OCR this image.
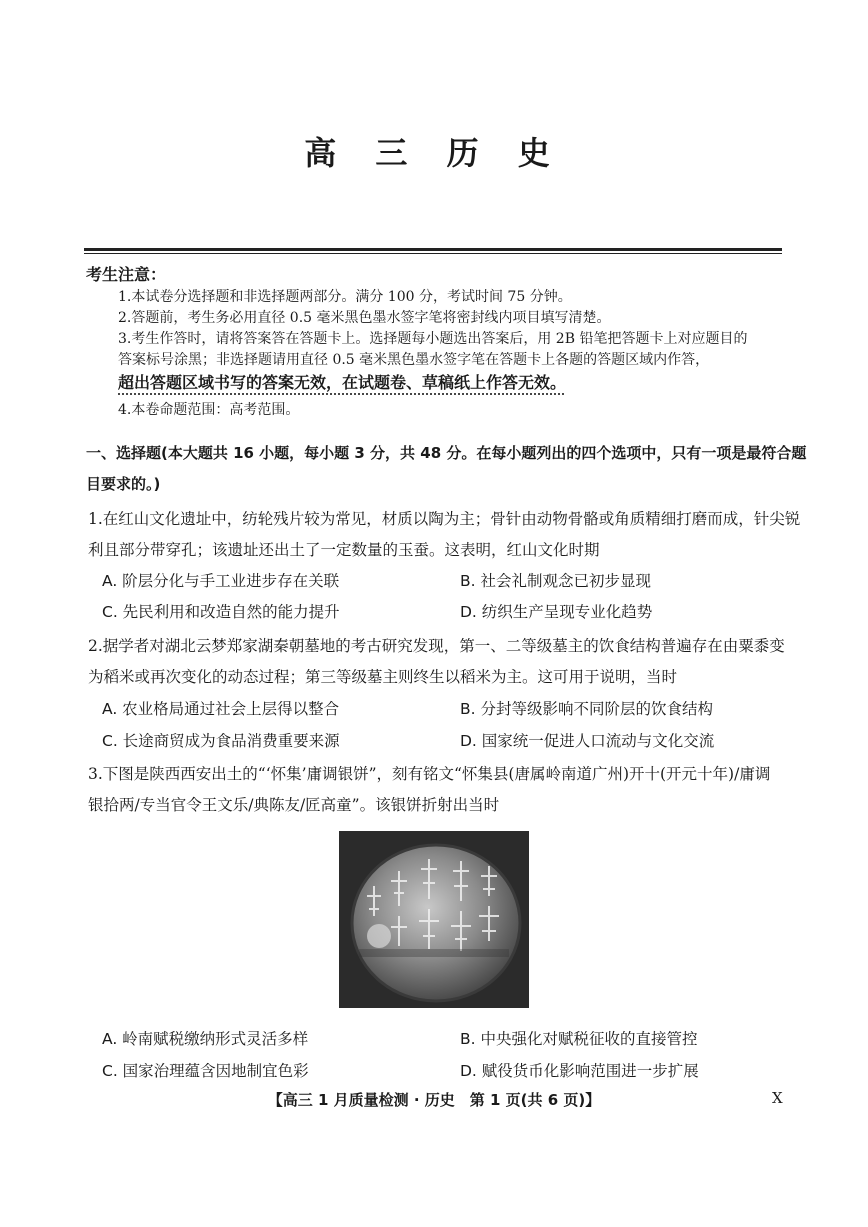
高 三 历 史
考生注意：
1.本试卷分选择题和非选择题两部分。满分 100 分，考试时间 75 分钟。
2.答题前，考生务必用直径 0.5 毫米黑色墨水签字笔将密封线内项目填写清楚。
3.考生作答时，请将答案答在答题卡上。选择题每小题选出答案后，用 2B 铅笔把答题卡上对应题目的
答案标号涂黑；非选择题请用直径 0.5 毫米黑色墨水签字笔在答题卡上各题的答题区域内作答，
超出答题区域书写的答案无效，在试题卷、草稿纸上作答无效。
4.本卷命题范围：高考范围。
一、选择题(本大题共 16 小题，每小题 3 分，共 48 分。在每小题列出的四个选项中，只有一项是最符合题
目要求的。)
1.在红山文化遗址中，纺轮残片较为常见，材质以陶为主；骨针由动物骨骼或角质精细打磨而成，针尖锐
利且部分带穿孔；该遗址还出土了一定数量的玉蚕。这表明，红山文化时期
A. 阶层分化与手工业进步存在关联	B. 社会礼制观念已初步显现
C. 先民利用和改造自然的能力提升	D. 纺织生产呈现专业化趋势
2.据学者对湖北云梦郑家湖秦朝墓地的考古研究发现，第一、二等级墓主的饮食结构普遍存在由粟黍变
为稻米或再次变化的动态过程；第三等级墓主则终生以稻米为主。这可用于说明，当时
A. 农业格局通过社会上层得以整合	B. 分封等级影响不同阶层的饮食结构
C. 长途商贸成为食品消费重要来源	D. 国家统一促进人口流动与文化交流
3.下图是陕西西安出土的“‘怀集’庸调银饼”，刻有铭文“怀集县(唐属岭南道广州)开十(开元十年)/庸调
银拾两/专当官令王文乐/典陈友/匠高童”。该银饼折射出当时
A. 岭南赋税缴纳形式灵活多样	B. 中央强化对赋税征收的直接管控
C. 国家治理蕴含因地制宜色彩	D. 赋役货币化影响范围进一步扩展
【高三 1 月质量检测 · 历史　第 1 页(共 6 页)】	X
